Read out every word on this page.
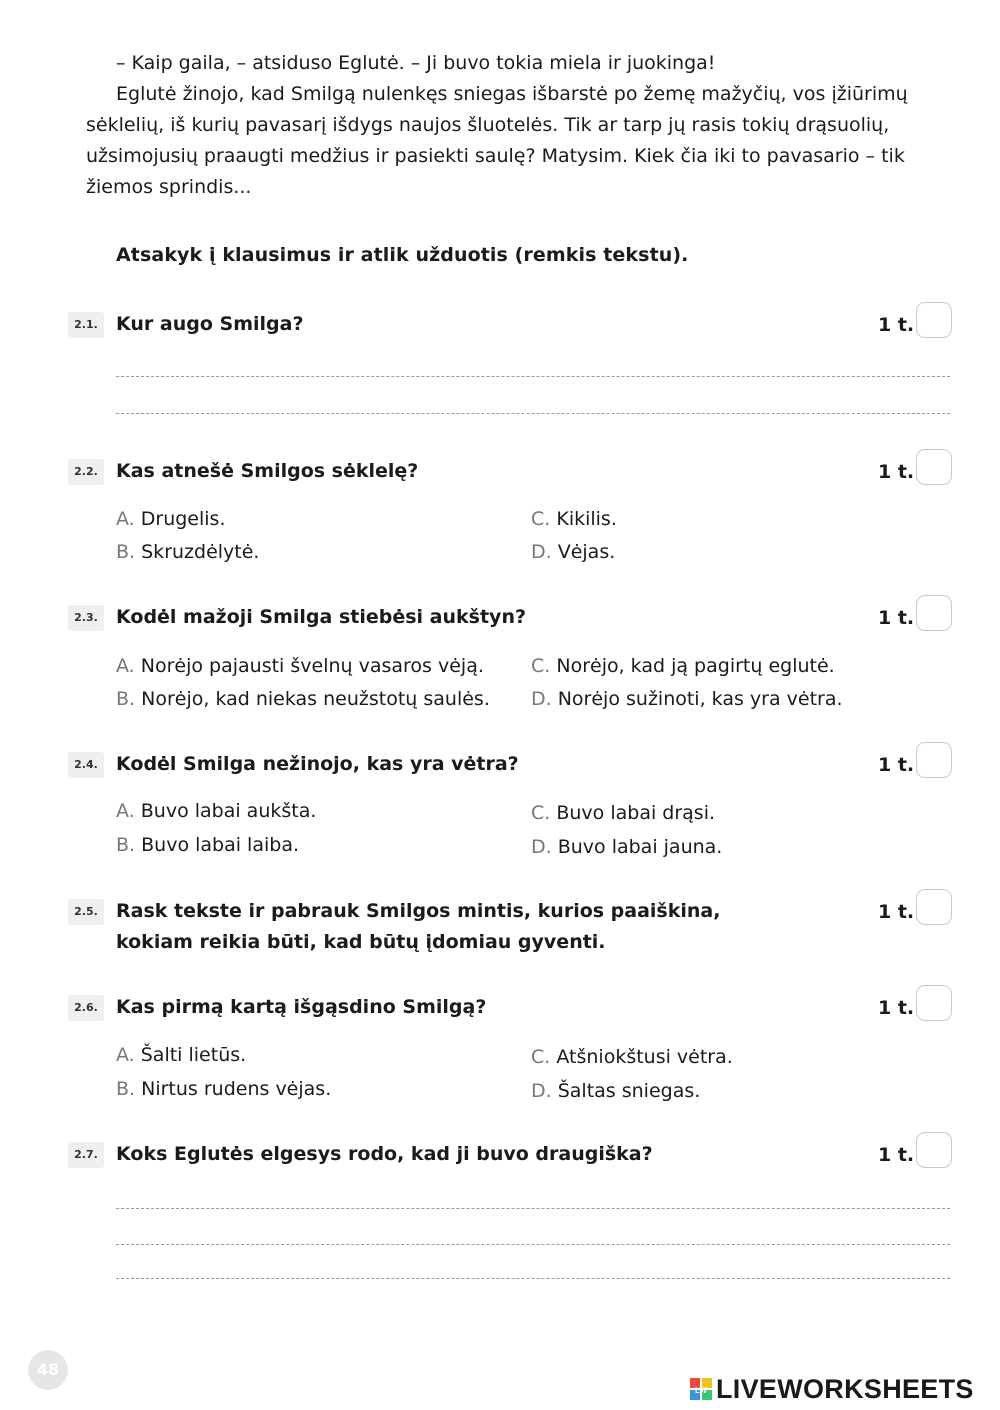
– Kaip gaila, – atsiduso Eglutė. – Ji buvo tokia miela ir juokinga!

Eglutė žinojo, kad Smilgą nulenkęs sniegas išbarstė po žemę mažyčių, vos įžiūrimų sėklelių, iš kurių pavasarį išdygs naujos šluotelės. Tik ar tarp jų rasis tokių drąsuolių, užsimojusių praaugti medžius ir pasiekti saulę? Matysim. Kiek čia iki to pavasario – tik žiemos sprindis...

Atsakyk į klausimus ir atlik užduotis (remkis tekstu).
2.1. Kur augo Smilga?	1 t.
2.2. Kas atnešė Smilgos sėklelę?	1 t.
A. Drugelis.
B. Skruzdėlytė.
C. Kikilis.
D. Vėjas.
2.3. Kodėl mažoji Smilga stiebėsi aukštyn?	1 t.
A. Norėjo pajausti švelnų vasaros vėją.
B. Norėjo, kad niekas neužstotų saulės.
C. Norėjo, kad ją pagirtų eglutė.
D. Norėjo sužinoti, kas yra vėtra.
2.4. Kodėl Smilga nežinojo, kas yra vėtra?	1 t.
A. Buvo labai aukšta.
B. Buvo labai laiba.
C. Buvo labai drąsi.
D. Buvo labai jauna.
2.5. Rask tekste ir pabrauk Smilgos mintis, kurios paaiškina, kokiam reikia būti, kad būtų įdomiau gyventi.
1 t.
2.6. Kas pirmą kartą išgąsdino Smilgą?	1 t.
A. Šalti lietūs.
B. Nirtus rudens vėjas.
C. Atšniokštusi vėtra.
D. Šaltas sniegas.
2.7. Koks Eglutės elgesys rodo, kad ji buvo draugiška?	1 t.
48
LW LIVEWORKSHEETS
